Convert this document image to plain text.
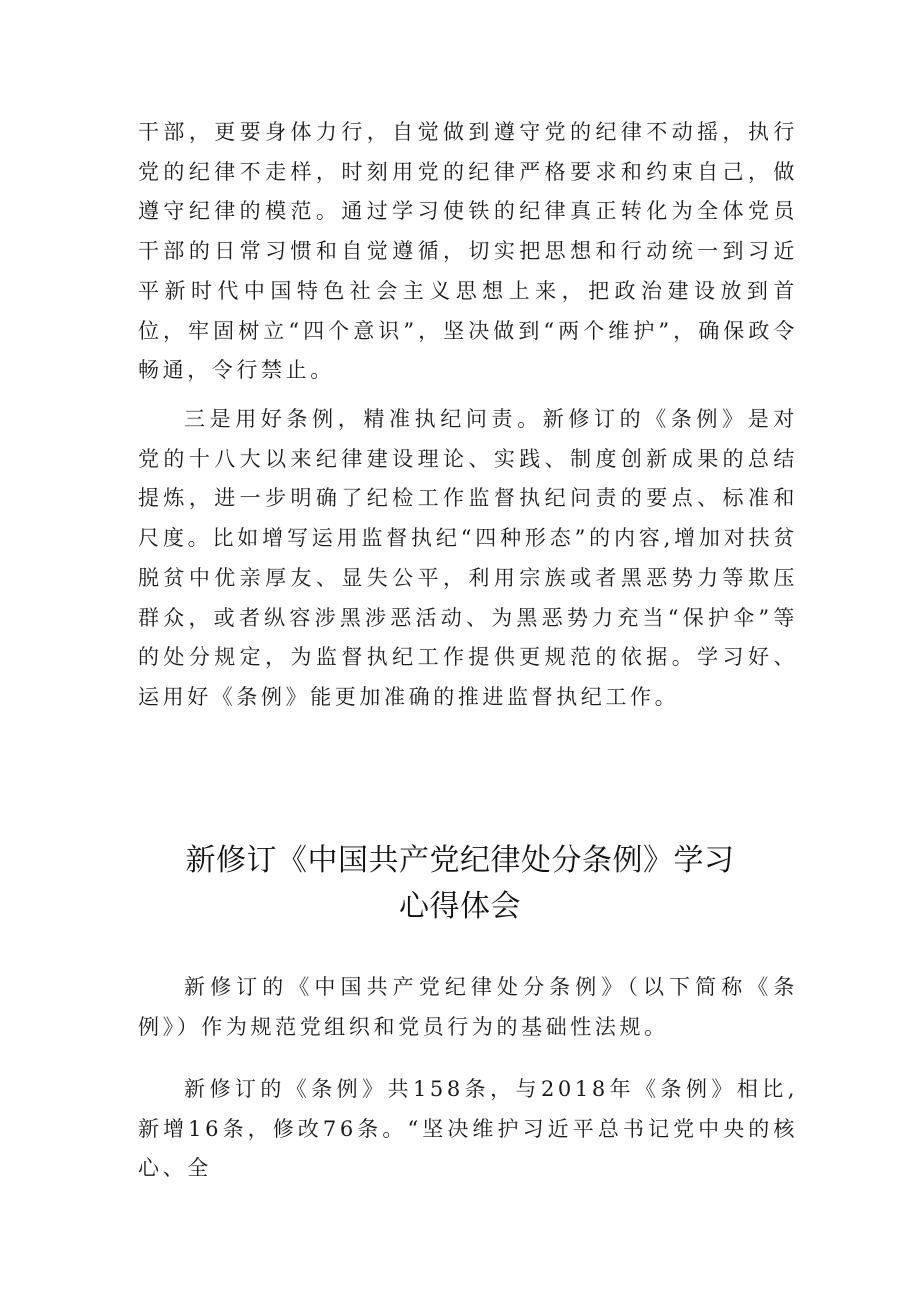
干部，更要身体力行，自觉做到遵守党的纪律不动摇，执行党的纪律不走样，时刻用党的纪律严格要求和约束自己，做遵守纪律的模范。通过学习使铁的纪律真正转化为全体党员干部的日常习惯和自觉遵循，切实把思想和行动统一到习近平新时代中国特色社会主义思想上来，把政治建设放到首位，牢固树立“四个意识”，坚决做到“两个维护”，确保政令畅通，令行禁止。

三是用好条例，精准执纪问责。新修订的《条例》是对党的十八大以来纪律建设理论、实践、制度创新成果的总结提炼，进一步明确了纪检工作监督执纪问责的要点、标准和尺度。比如增写运用监督执纪“四种形态”的内容,增加对扶贫脱贫中优亲厚友、显失公平，利用宗族或者黑恶势力等欺压群众，或者纵容涉黑涉恶活动、为黑恶势力充当“保护伞”等的处分规定，为监督执纪工作提供更规范的依据。学习好、运用好《条例》能更加准确的推进监督执纪工作。

新修订《中国共产党纪律处分条例》学习
心得体会

新修订的《中国共产党纪律处分条例》（以下简称《条例》）作为规范党组织和党员行为的基础性法规。

新修订的《条例》共158条，与2018年《条例》相比,新增16条，修改76条。“坚决维护习近平总书记党中央的核心、全
